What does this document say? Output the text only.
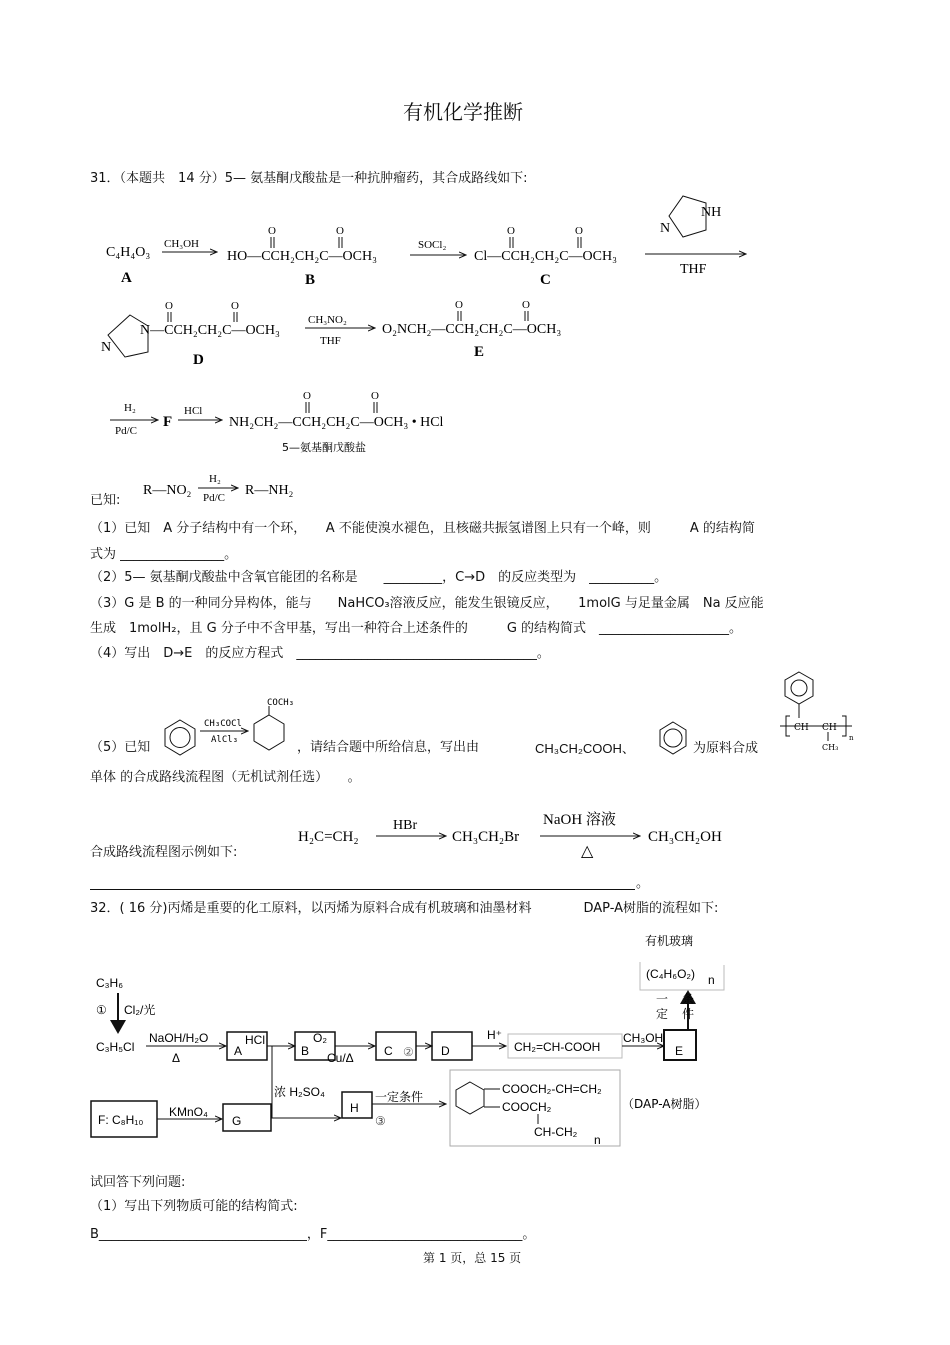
有机化学推断
31．（本题共　14 分）5— 氨基酮戊酸盐是一种抗肿瘤药，其合成路线如下:
C₄H₄O₃
A
CH₃OH
HO—CCH₂CH₂C—OCH₃
O	O
B
SOCl₂
Cl—CCH₂CH₂C—OCH₃
O	O
C
NH
N
THF
N
N—CCH₂CH₂C—OCH₃
O	O
D
CH₃NO₂
THF
O₂NCH₂—CCH₂CH₂C—OCH₃
O	O
E
H₂
Pd/C
F
HCl
NH₂CH₂—CCH₂CH₂C—OCH₃ • HCl
O	O
5—氨基酮戊酸盐
R—NO₂
H₂
Pd/C R—NH₂
CH₃COCl
AlCl₃
COCH₃
CH CH
CH₃
n
H₂C=CH₂
HBr
CH₃CH₂Br
NaOH 溶液
△
CH₃CH₂OH
已知:
（1）已知　A 分子结构中有一个环，　　A 不能使溴水褪色，且核磁共振氢谱图上只有一个峰，则　　　A 的结构简
式为 ________________。
（2）5— 氨基酮戊酸盐中含氧官能团的名称是　　_________，C→D　的反应类型为　__________。
（3）G 是 B 的一种同分异构体，能与　　NaHCO₃溶液反应，能发生银镜反应，　　1molG 与足量金属　Na 反应能
生成　1molH₂，且 G 分子中不含甲基，写出一种符合上述条件的　　　G 的结构简式　____________________。
（4）写出　D→E　的反应方程式　_____________________________________。
（5）已知	，请结合题中所给信息，写出由　　 CH₃CH₂COOH、	为原料合成
单体 的合成路线流程图（无机试剂任选）　　。
合成路线流程图示例如下:
。
32．( 16 分)丙烯是重要的化工原料，以丙烯为原料合成有机玻璃和油墨材料　　　　DAP-A树脂的流程如下:
有机玻璃
(C₄H₆O₂) n
一
定
条
件
C₃H₆
① Cl₂/光
C₃H₅Cl
NaOH/H₂O
Δ	A
HCl
B
O₂
Cu/Δ	C ② D
H⁺
CH₂=CH-COOH
CH₃OH
E
F: C₈H₁₀
KMnO₄
G
浓 H₂SO₄
H
一定条件
③
COOCH₂-CH=CH₂
COOCH₂
CH-CH₂
n
（DAP-A树脂）
试回答下列问题:
（1）写出下列物质可能的结构简式:
B________________________________，F______________________________。
第 1 页，总 15 页
